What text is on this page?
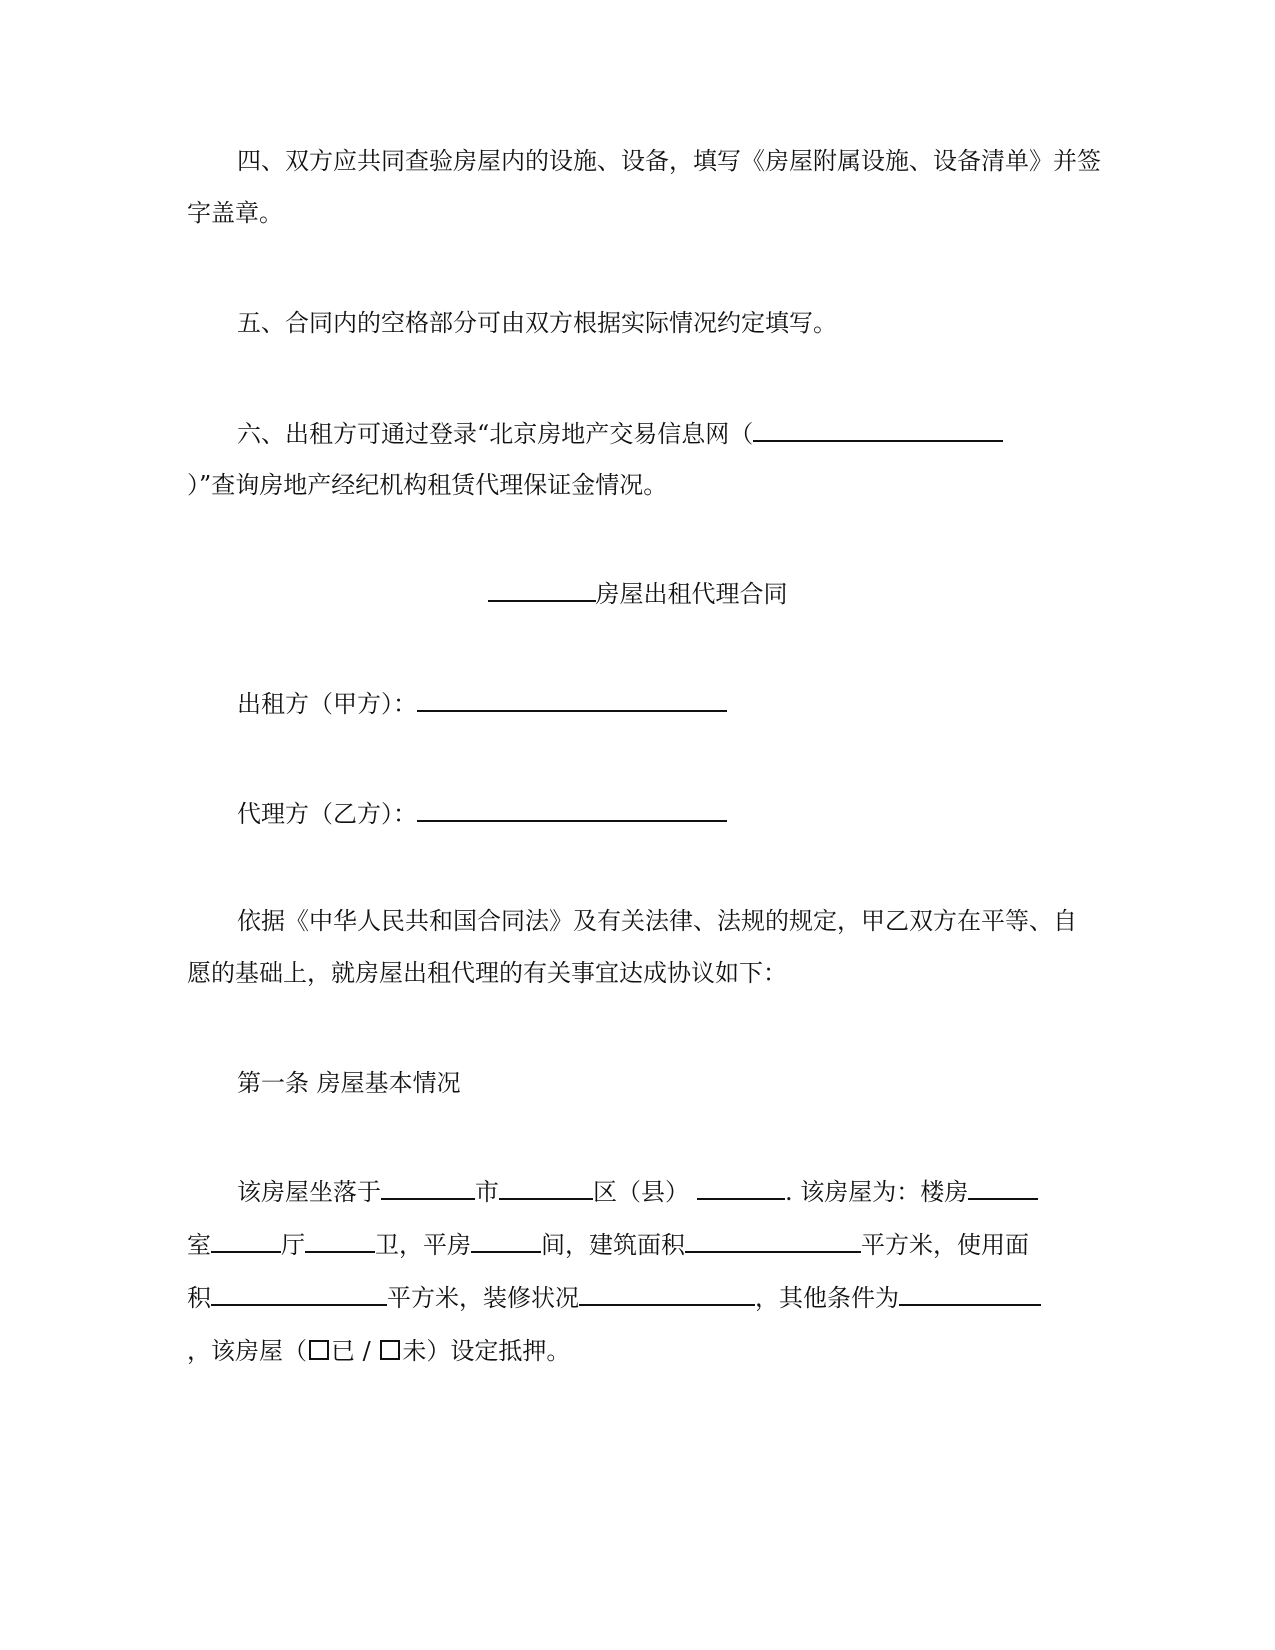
四、双方应共同查验房屋内的设施、设备，填写《房屋附属设施、设备清单》并签

字盖章。

五、合同内的空格部分可由双方根据实际情况约定填写。

六、出租方可通过登录“北京房地产交易信息网（

）”查询房地产经纪机构租赁代理保证金情况。

房屋出租代理合同

出租方（甲方）：

代理方（乙方）：

依据《中华人民共和国合同法》及有关法律、法规的规定，甲乙双方在平等、自

愿的基础上，就房屋出租代理的有关事宜达成协议如下：

第一条 房屋基本情况

该房屋坐落于	市	区（县）	. 该房屋为：楼房

室	厅	卫，平房	间，建筑面积	平方米，使用面

积	平方米，装修状况	，其他条件为

，该房屋（ 已 / 未）设定抵押。
